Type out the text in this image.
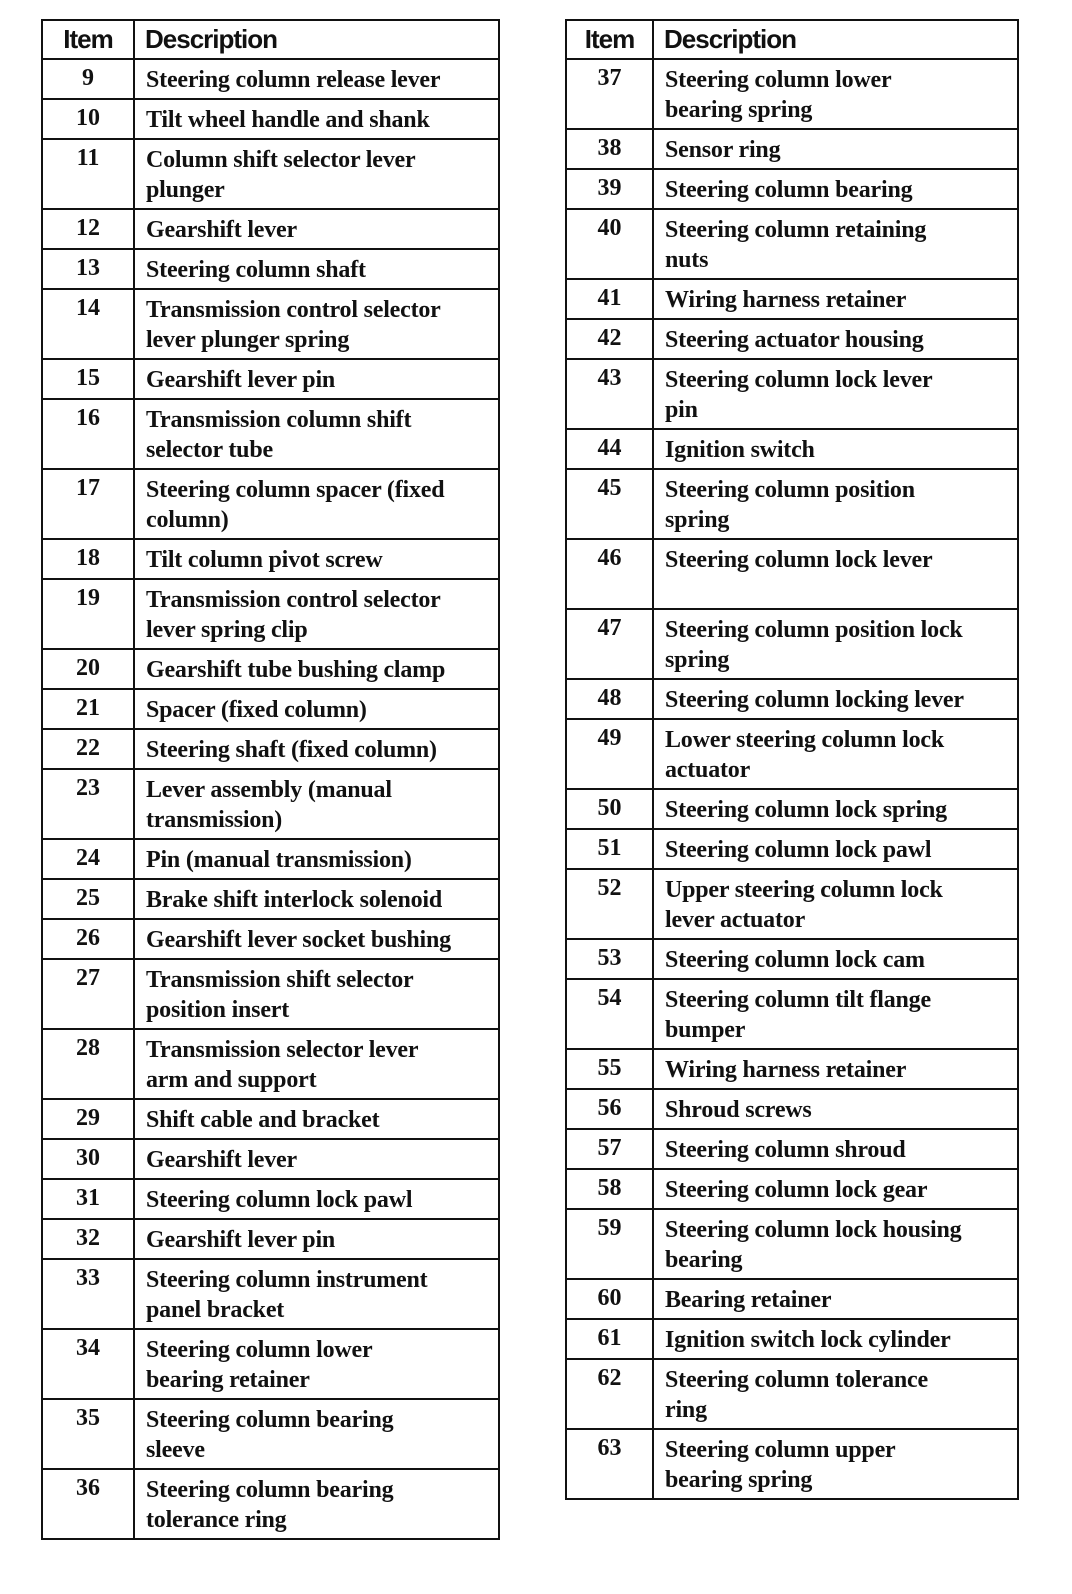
Item	Description
9	Steering column release lever

10	Tilt wheel handle and shank

11	Column shift selector lever
plunger

12	Gearshift lever

13	Steering column shaft

14	Transmission control selector
lever plunger spring

15	Gearshift lever pin

16	Transmission column shift
selector tube

17	Steering column spacer (fixed
column)

18	Tilt column pivot screw

19	Transmission control selector
lever spring clip

20	Gearshift tube bushing clamp

21	Spacer (fixed column)

22	Steering shaft (fixed column)

23	Lever assembly (manual
transmission)

24	Pin (manual transmission)

25	Brake shift interlock solenoid

26	Gearshift lever socket bushing

27	Transmission shift selector
position insert

28	Transmission selector lever
arm and support

29	Shift cable and bracket

30	Gearshift lever

31	Steering column lock pawl

32	Gearshift lever pin

33	Steering column instrument
panel bracket

34	Steering column lower
bearing retainer

35	Steering column bearing
sleeve

36	Steering column bearing
tolerance ring
Item	Description
37	Steering column lower
bearing spring

38	Sensor ring

39	Steering column bearing

40	Steering column retaining
nuts

41	Wiring harness retainer

42	Steering actuator housing

43	Steering column lock lever
pin

44	Ignition switch

45	Steering column position
spring

46	Steering column lock lever

47	Steering column position lock
spring

48	Steering column locking lever

49	Lower steering column lock
actuator

50	Steering column lock spring

51	Steering column lock pawl

52	Upper steering column lock
lever actuator

53	Steering column lock cam

54	Steering column tilt flange
bumper

55	Wiring harness retainer

56	Shroud screws

57	Steering column shroud

58	Steering column lock gear

59	Steering column lock housing
bearing

60	Bearing retainer

61	Ignition switch lock cylinder

62	Steering column tolerance
ring

63	Steering column upper
bearing spring
